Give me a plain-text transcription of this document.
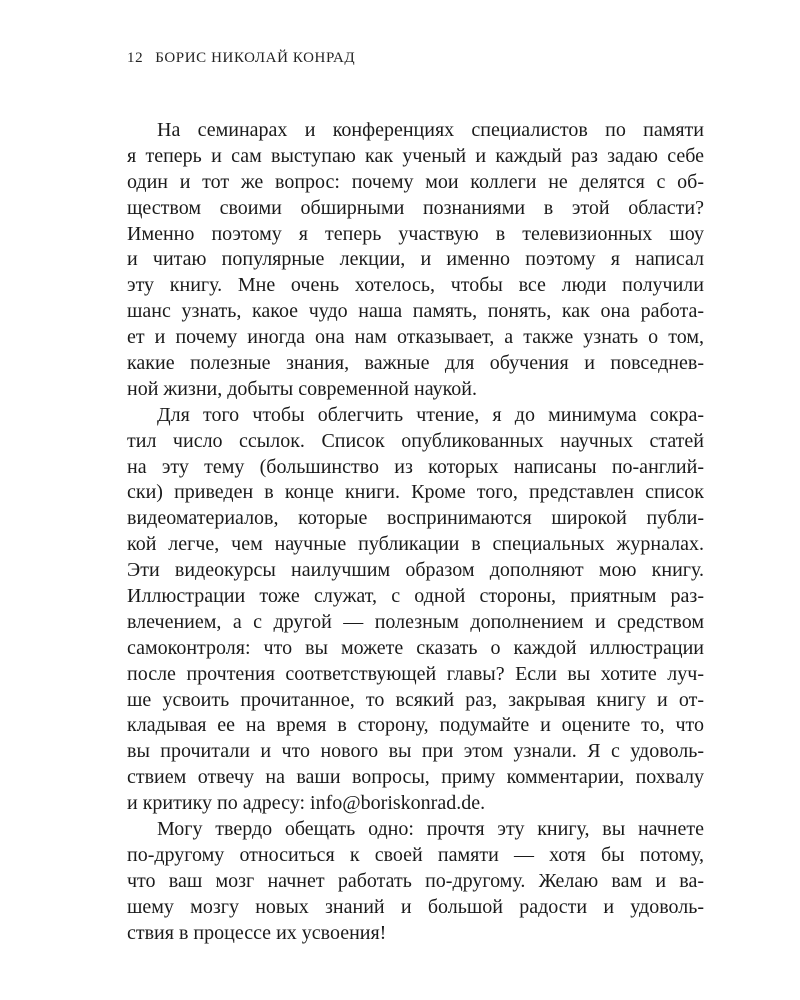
12 БОРИС НИКОЛАЙ КОНРАД
На семинарах и конференциях специалистов по памяти
я теперь и сам выступаю как ученый и каждый раз задаю себе
один и тот же вопрос: почему мои коллеги не делятся с об-
ществом своими обширными познаниями в этой области?
Именно поэтому я теперь участвую в телевизионных шоу
и читаю популярные лекции, и именно поэтому я написал
эту книгу. Мне очень хотелось, чтобы все люди получили
шанс узнать, какое чудо наша память, понять, как она работа-
ет и почему иногда она нам отказывает, а также узнать о том,
какие полезные знания, важные для обучения и повседнев-
ной жизни, добыты современной наукой.
Для того чтобы облегчить чтение, я до минимума сокра-
тил число ссылок. Список опубликованных научных статей
на эту тему (большинство из которых написаны по-англий-
ски) приведен в конце книги. Кроме того, представлен список
видеоматериалов, которые воспринимаются широкой публи-
кой легче, чем научные публикации в специальных журналах.
Эти видеокурсы наилучшим образом дополняют мою книгу.
Иллюстрации тоже служат, с одной стороны, приятным раз-
влечением, а с другой — полезным дополнением и средством
самоконтроля: что вы можете сказать о каждой иллюстрации
после прочтения соответствующей главы? Если вы хотите луч-
ше усвоить прочитанное, то всякий раз, закрывая книгу и от-
кладывая ее на время в сторону, подумайте и оцените то, что
вы прочитали и что нового вы при этом узнали. Я с удоволь-
ствием отвечу на ваши вопросы, приму комментарии, похвалу
и критику по адресу: info@boriskonrad.de.
Могу твердо обещать одно: прочтя эту книгу, вы начнете
по-другому относиться к своей памяти — хотя бы потому,
что ваш мозг начнет работать по-другому. Желаю вам и ва-
шему мозгу новых знаний и большой радости и удоволь-
ствия в процессе их усвоения!
